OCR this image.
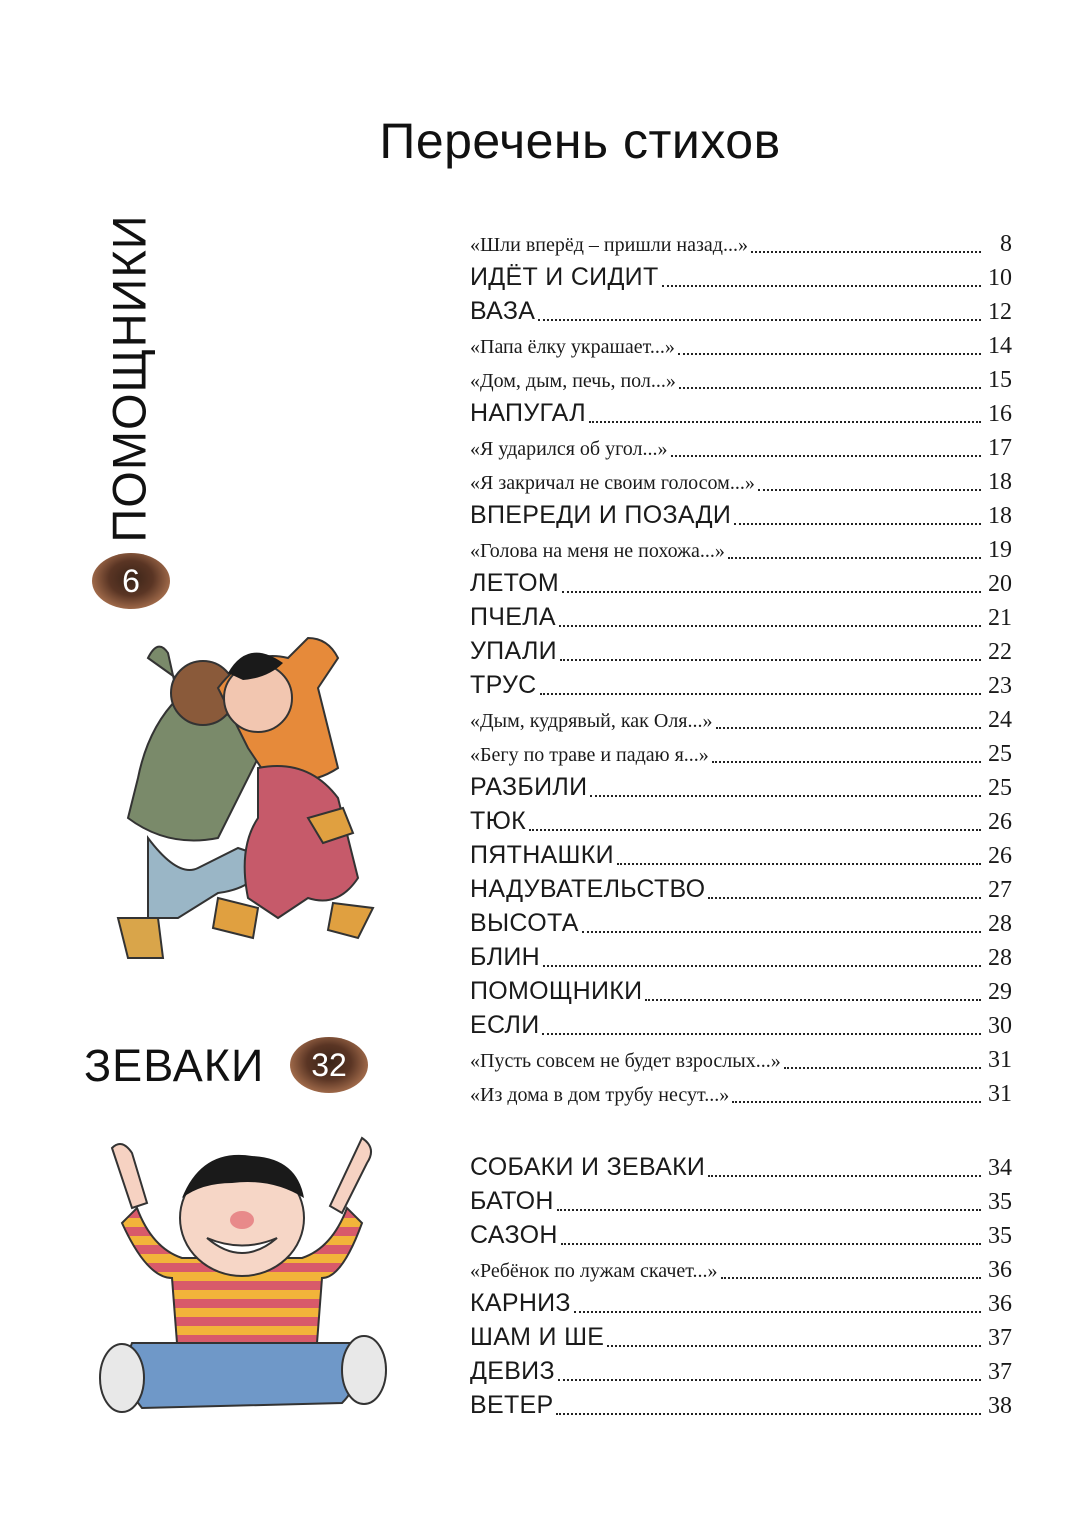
Перечень стихов
ПОМОЩНИКИ
6
ЗЕВАКИ	32
«Шли вперёд – пришли назад...»	8
ИДЁТ И СИДИТ	10
ВАЗА	12
«Папа ёлку украшает...»	14
«Дом, дым, печь, пол...»	15
НАПУГАЛ	16
«Я ударился об угол...»	17
«Я закричал не своим голосом...»	18
ВПЕРЕДИ И ПОЗАДИ	18
«Голова на меня не похожа...»	19
ЛЕТОМ	20
ПЧЕЛА	21
УПАЛИ	22
ТРУС	23
«Дым, кудрявый, как Оля...»	24
«Бегу по траве и падаю я...»	25
РАЗБИЛИ	25
ТЮК	26
ПЯТНАШКИ	26
НАДУВАТЕЛЬСТВО	27
ВЫСОТА	28
БЛИН	28
ПОМОЩНИКИ	29
ЕСЛИ	30
«Пусть совсем не будет взрослых...»	31
«Из дома в дом трубу несут...»	31
СОБАКИ И ЗЕВАКИ	34
БАТОН	35
САЗОН	35
«Ребёнок по лужам скачет...»	36
КАРНИЗ	36
ШАМ И ШЕ	37
ДЕВИЗ	37
ВЕТЕР	38
